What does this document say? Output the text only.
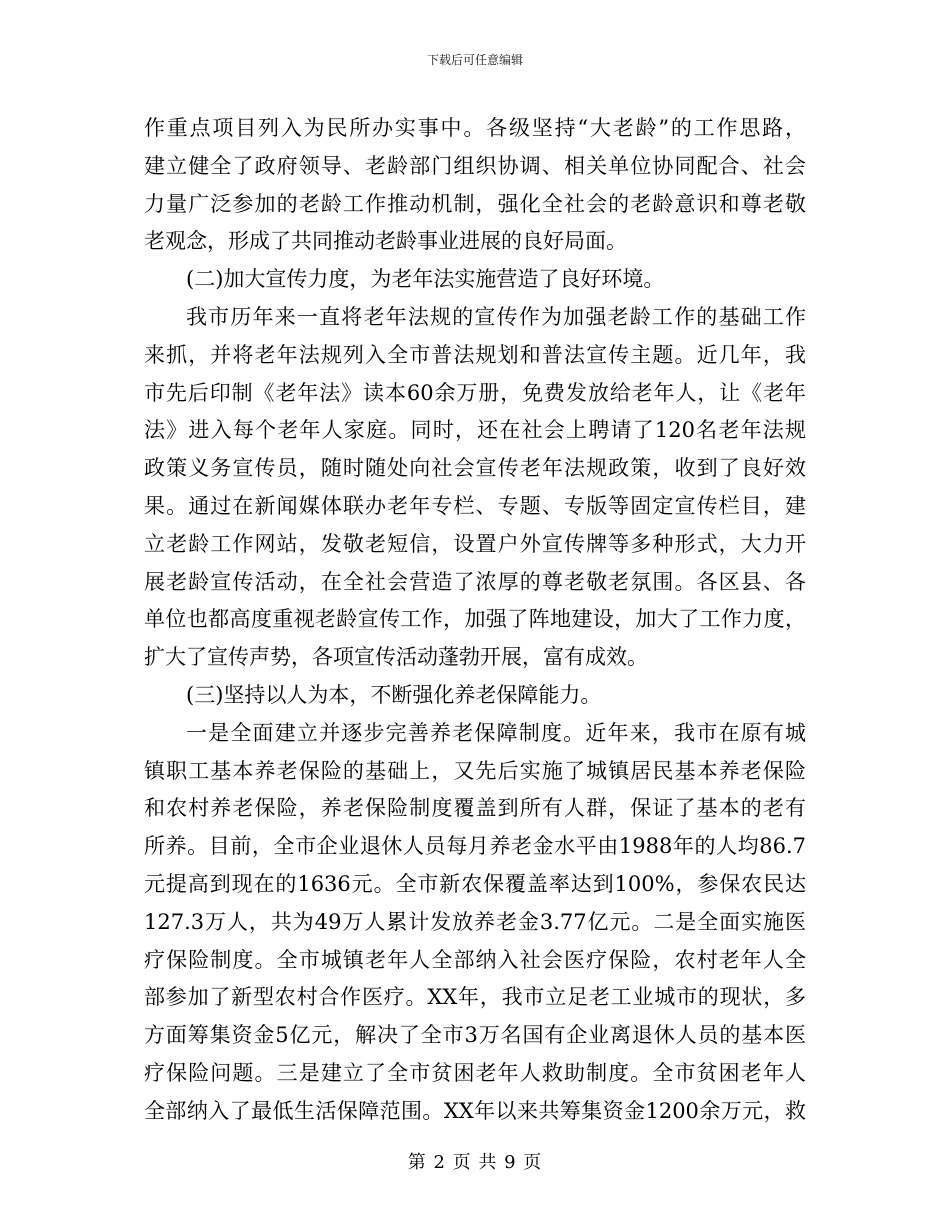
下载后可任意编辑
作重点项目列入为民所办实事中。各级坚持“大老龄”的工作思路，
建立健全了政府领导、老龄部门组织协调、相关单位协同配合、社会
力量广泛参加的老龄工作推动机制，强化全社会的老龄意识和尊老敬
老观念，形成了共同推动老龄事业进展的良好局面。
(二)加大宣传力度，为老年法实施营造了良好环境。
我市历年来一直将老年法规的宣传作为加强老龄工作的基础工作
来抓，并将老年法规列入全市普法规划和普法宣传主题。近几年，我
市先后印制《老年法》读本60余万册，免费发放给老年人，让《老年
法》进入每个老年人家庭。同时，还在社会上聘请了120名老年法规
政策义务宣传员，随时随处向社会宣传老年法规政策，收到了良好效
果。通过在新闻媒体联办老年专栏、专题、专版等固定宣传栏目，建
立老龄工作网站，发敬老短信，设置户外宣传牌等多种形式，大力开
展老龄宣传活动，在全社会营造了浓厚的尊老敬老氛围。各区县、各
单位也都高度重视老龄宣传工作，加强了阵地建设，加大了工作力度，
扩大了宣传声势，各项宣传活动蓬勃开展，富有成效。
(三)坚持以人为本，不断强化养老保障能力。
一是全面建立并逐步完善养老保障制度。近年来，我市在原有城
镇职工基本养老保险的基础上，又先后实施了城镇居民基本养老保险
和农村养老保险，养老保险制度覆盖到所有人群，保证了基本的老有
所养。目前，全市企业退休人员每月养老金水平由1988年的人均86.7
元提高到现在的1636元。全市新农保覆盖率达到100%，参保农民达
127.3万人，共为49万人累计发放养老金3.77亿元。二是全面实施医
疗保险制度。全市城镇老年人全部纳入社会医疗保险，农村老年人全
部参加了新型农村合作医疗。XX年，我市立足老工业城市的现状，多
方面筹集资金5亿元，解决了全市3万名国有企业离退休人员的基本医
疗保险问题。三是建立了全市贫困老年人救助制度。全市贫困老年人
全部纳入了最低生活保障范围。XX年以来共筹集资金1200余万元，救
第 2 页 共 9 页
